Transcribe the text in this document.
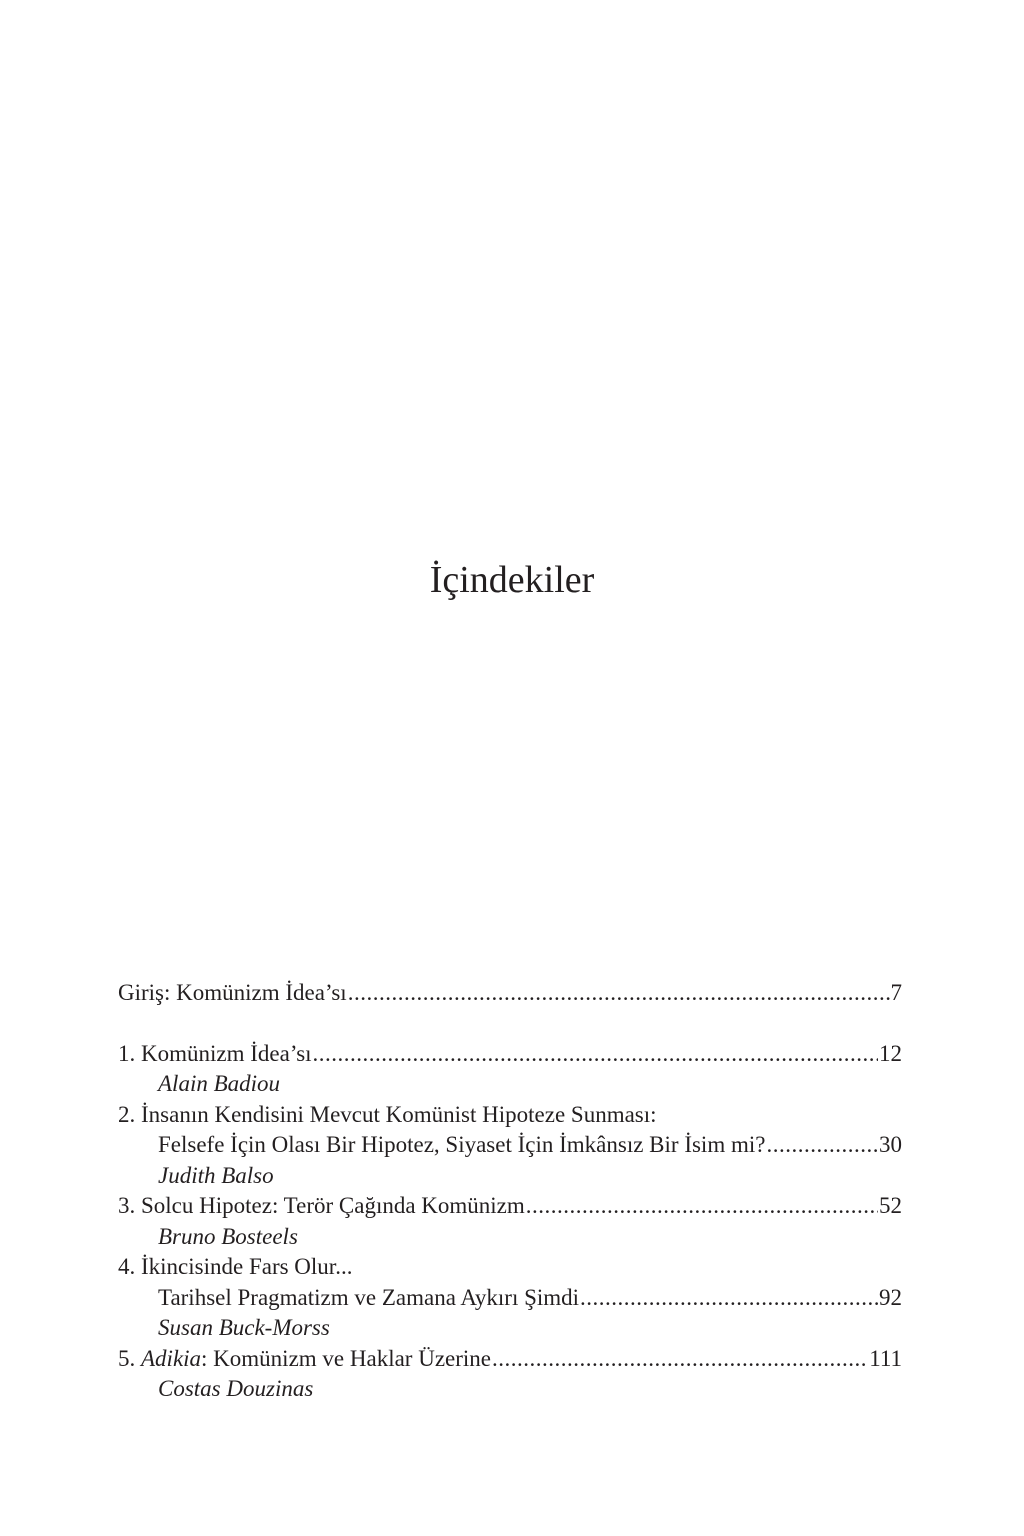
İçindekiler
Giriş: Komünizm İdea’sı .....	7
1. Komünizm İdea’sı .....	12
Alain Badiou
2. İnsanın Kendisini Mevcut Komünist Hipoteze Sunması:
Felsefe İçin Olası Bir Hipotez, Siyaset İçin İmkânsız Bir İsim mi? .....	30
Judith Balso
3. Solcu Hipotez: Terör Çağında Komünizm .....	52
Bruno Bosteels
4. İkincisinde Fars Olur...
Tarihsel Pragmatizm ve Zamana Aykırı Şimdi .....	92
Susan Buck-Morss
5. Adikia: Komünizm ve Haklar Üzerine .....	111
Costas Douzinas
